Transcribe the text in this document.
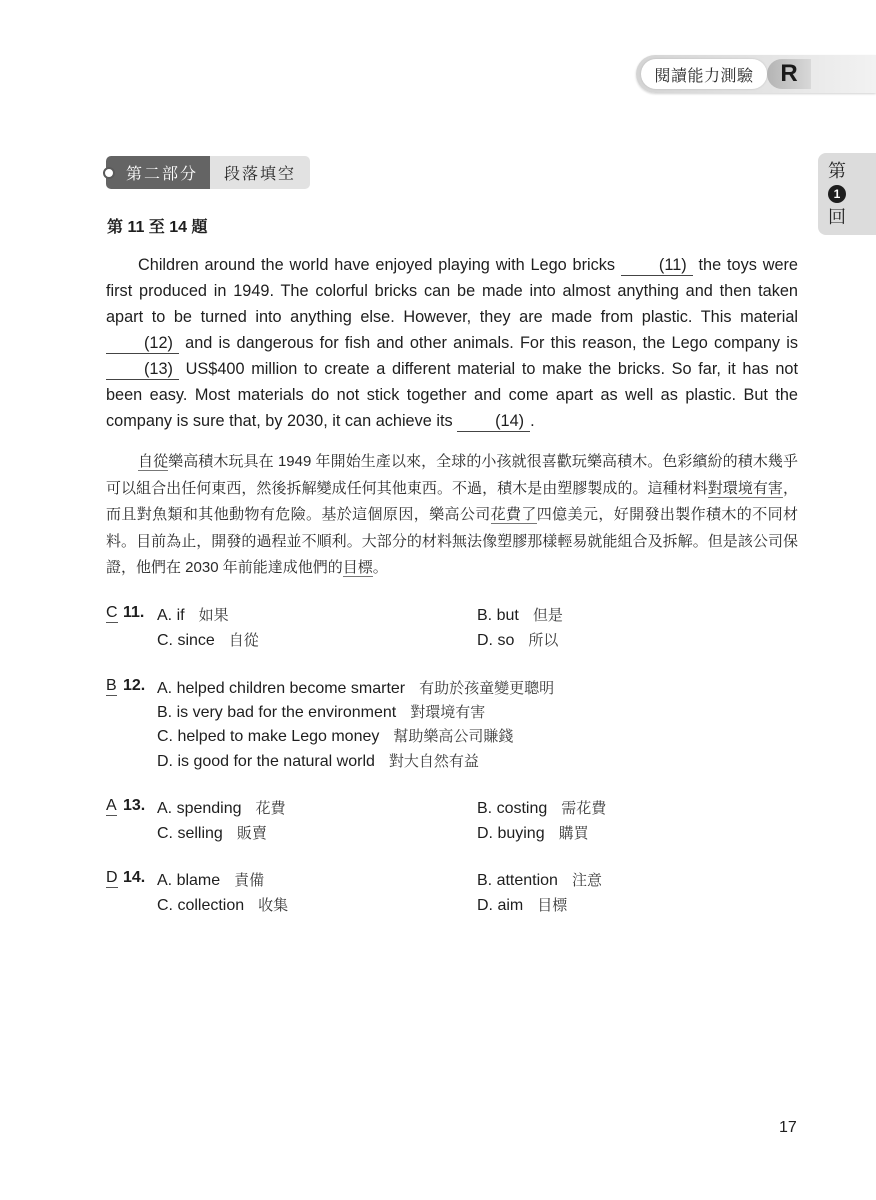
閱讀能力測驗	R
第
1
回
第二部分	段落填空
第 11 至 14 題

Children around the world have enjoyed playing with Lego bricks (11) the toys were first produced in 1949. The colorful bricks can be made into almost anything and then taken apart to be turned into anything else. However, they are made from plastic. This material (12) and is dangerous for fish and other animals. For this reason, the Lego company is (13) US$400 million to create a different material to make the bricks. So far, it has not been easy. Most materials do not stick together and come apart as well as plastic. But the company is sure that, by 2030, it can achieve its (14) .

自從樂高積木玩具在 1949 年開始生產以來，全球的小孩就很喜歡玩樂高積木。色彩繽紛的積木幾乎可以組合出任何東西，然後拆解變成任何其他東西。不過，積木是由塑膠製成的。這種材料對環境有害，而且對魚類和其他動物有危險。基於這個原因，樂高公司花費了四億美元，好開發出製作積木的不同材料。目前為止，開發的過程並不順利。大部分的材料無法像塑膠那樣輕易就能組合及拆解。但是該公司保證，他們在 2030 年前能達成他們的目標。

C 11. A. if 如果	B. but 但是
C. since 自從	D. so 所以
B 12. A. helped children become smarter 有助於孩童變更聰明
B. is very bad for the environment 對環境有害
C. helped to make Lego money 幫助樂高公司賺錢
D. is good for the natural world 對大自然有益
A 13. A. spending 花費	B. costing 需花費
C. selling 販賣	D. buying 購買
D 14. A. blame 責備	B. attention 注意
C. collection 收集	D. aim 目標
17
